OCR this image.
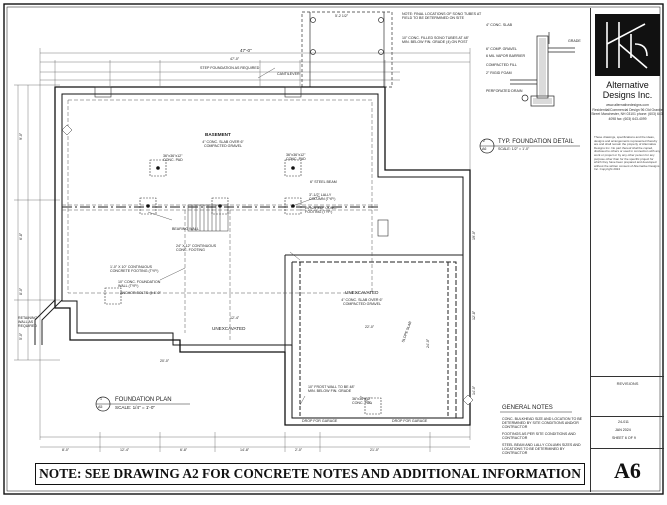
47'-0"
47'-0"
STEP FOUNDATION AS REQUIRED
CANTILEVER
BASEMENT
4" CONC. SLAB OVER 6" COMPACTED GRAVEL
36"x36"x12" CONC. PAD
36"x36"x12" CONC. PAD
6" STEEL BEAM
3"-1/2" LALLY COLUMN (TYP.)
24"x24"x12" CONC. FOOTING (TYP.)
BEARING WALL
24" X 12" CONTINUOUS CONC. FOOTING
1'-0" X 10" CONTINUOUS CONCRETE FOOTING (TYP.)
10" CONC. FOUNDATION WALL (TYP.)
ANCHOR BOLTS @ 6'-0"
UNEXCAVATED
UNEXCAVATED
4" CONC. SLAB OVER 6" COMPACTED GRAVEL
10" FROST WALL TO BE 48" MIN. BELOW FIN. GRADE
36"x36"x12" CONC. PAD
DROP FOR GARAGE	DROP FOR GARAGE
SLOPE SLAB
RETAINING WALL AS REQUIRED
12'-4"
22'-0"
24'-0"
20'-0"
8'-0"	12'-4"	6'-8"	14'-8"	2'-0"	21'-0"
9'-0"
6'-8"
8'-0"
5'-0"
19'-0"
12'-8"
14'-0"
1
A5
FOUNDATION PLAN
SCALE: 1/4" = 1'-0"
5'-2 1/2"	NOTE: FINAL LOCATIONS OF SONO TUBES AT FIELD TO BE DETERMINED ON SITE
10" CONC. FILLED SONO TUBES AT 48" MIN. BELOW FIN. GRADE (4) ON POST
2
A6
TYP. FOUNDATION DETAIL
SCALE: 1/2" = 1'-0"
4" CONC. SLAB
6" COMP. GRAVEL
6 MIL VAPOR BARRIER
COMPACTED FILL
2" RIGID FOAM
PERFORATED DRAIN
GRADE
GENERAL NOTES
CONC. BULKHEAD SIZE AND LOCATION TO BE DETERMINED BY SITE CONDITIONS AND/OR CONTRACTOR
FOOTINGS AS PER SITE CONDITIONS AND CONTRACTOR
STEEL BEAM AND LALLY COLUMN SIZES AND LOCATIONS TO BE DETERMINED BY CONTRACTOR
Alternative
Designs Inc.
www.alternativedesigns.com Residential/Commercial Design 96 Old Granite Street Manchester, NH 03101 phone: (603) 643-4098 fax: (603) 643-4099
These drawings, specifications and the ideas, designs and arrangements represented thereby are and shall remain the property of Alternative Designs Inc. No part thereof shall be copied, disclosed to others or used in connection with any work or project or by any other person for any purpose other than for the specific project for which they have been prepared and developed without the written consent of Alternative Designs Inc. Copyright 2024
REVISIONS
24-011
JAN 2024
SHEET 6 OF 9
A6
NOTE: SEE DRAWING A2 FOR CONCRETE NOTES AND ADDITIONAL INFORMATION
